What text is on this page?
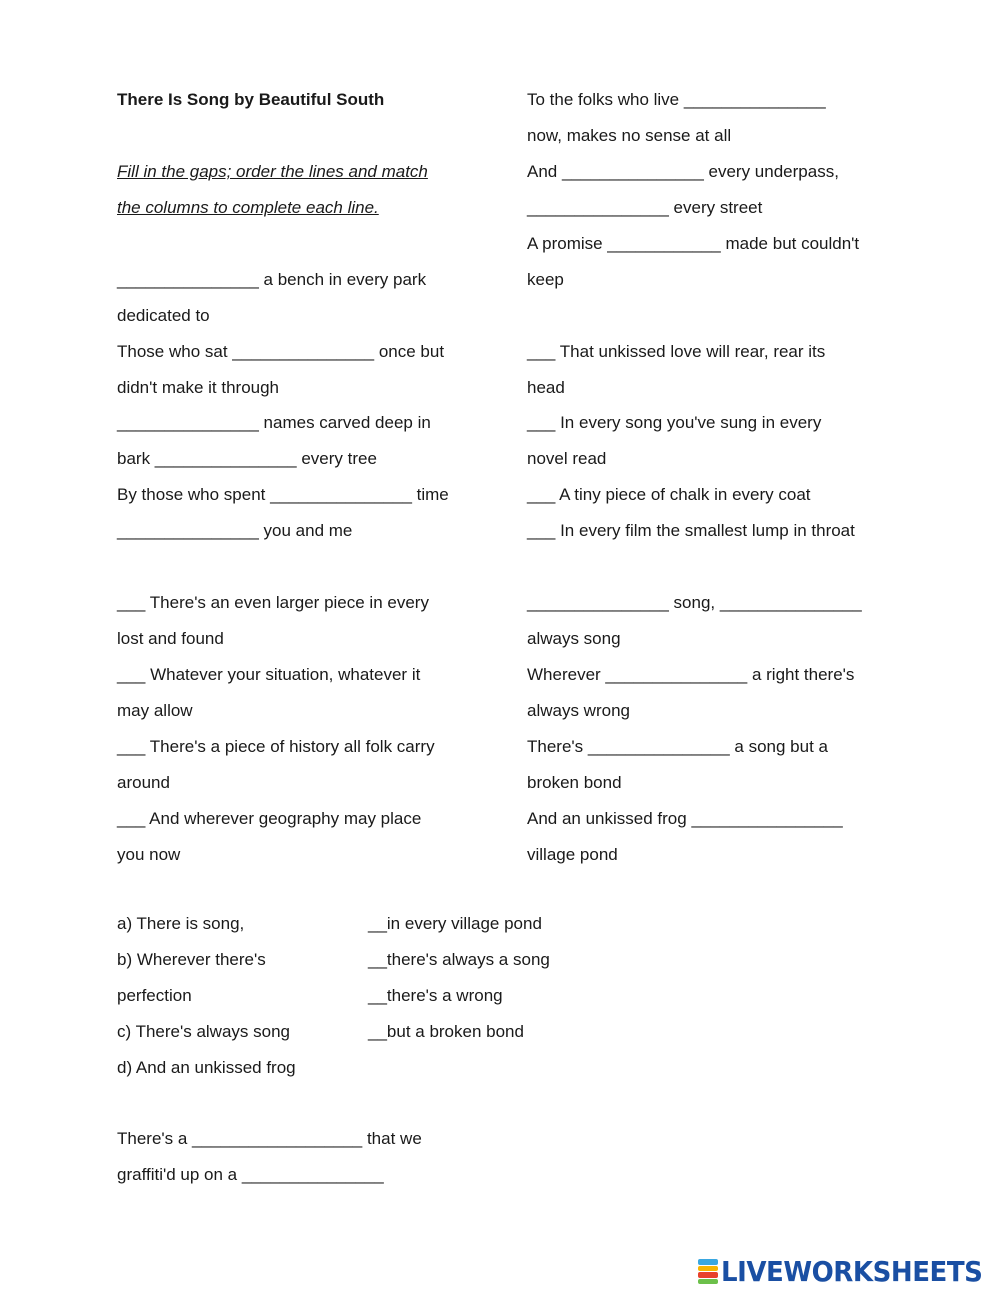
There Is Song by Beautiful South
Fill in the gaps; order the lines and match
the columns to complete each line.
_______________ a bench in every park
dedicated to
Those who sat _______________ once but
didn't make it through
_______________ names carved deep in
bark _______________ every tree
By those who spent _______________ time
_______________ you and me
___ There's an even larger piece in every
lost and found
___ Whatever your situation, whatever it
may allow
___ There's a piece of history all folk carry
around
___ And wherever geography may place
you now
To the folks who live _______________
now, makes no sense at all
And _______________ every underpass,
_______________ every street
A promise ____________ made but couldn't
keep
___ That unkissed love will rear, rear its
head
___ In every song you've sung in every
novel read
___ A tiny piece of chalk in every coat
___ In every film the smallest lump in throat
_______________ song, _______________
always song
Wherever _______________ a right there's
always wrong
There's _______________ a song but a
broken bond
And an unkissed frog ________________
village pond
a) There is song,	__in every village pond
b) Wherever there's	__there's always a song
perfection	__there's a wrong
c) There's always song	__but a broken bond
d) And an unkissed frog
There's a __________________ that we
graffiti'd up on a _______________
LIVEWORKSHEETS
